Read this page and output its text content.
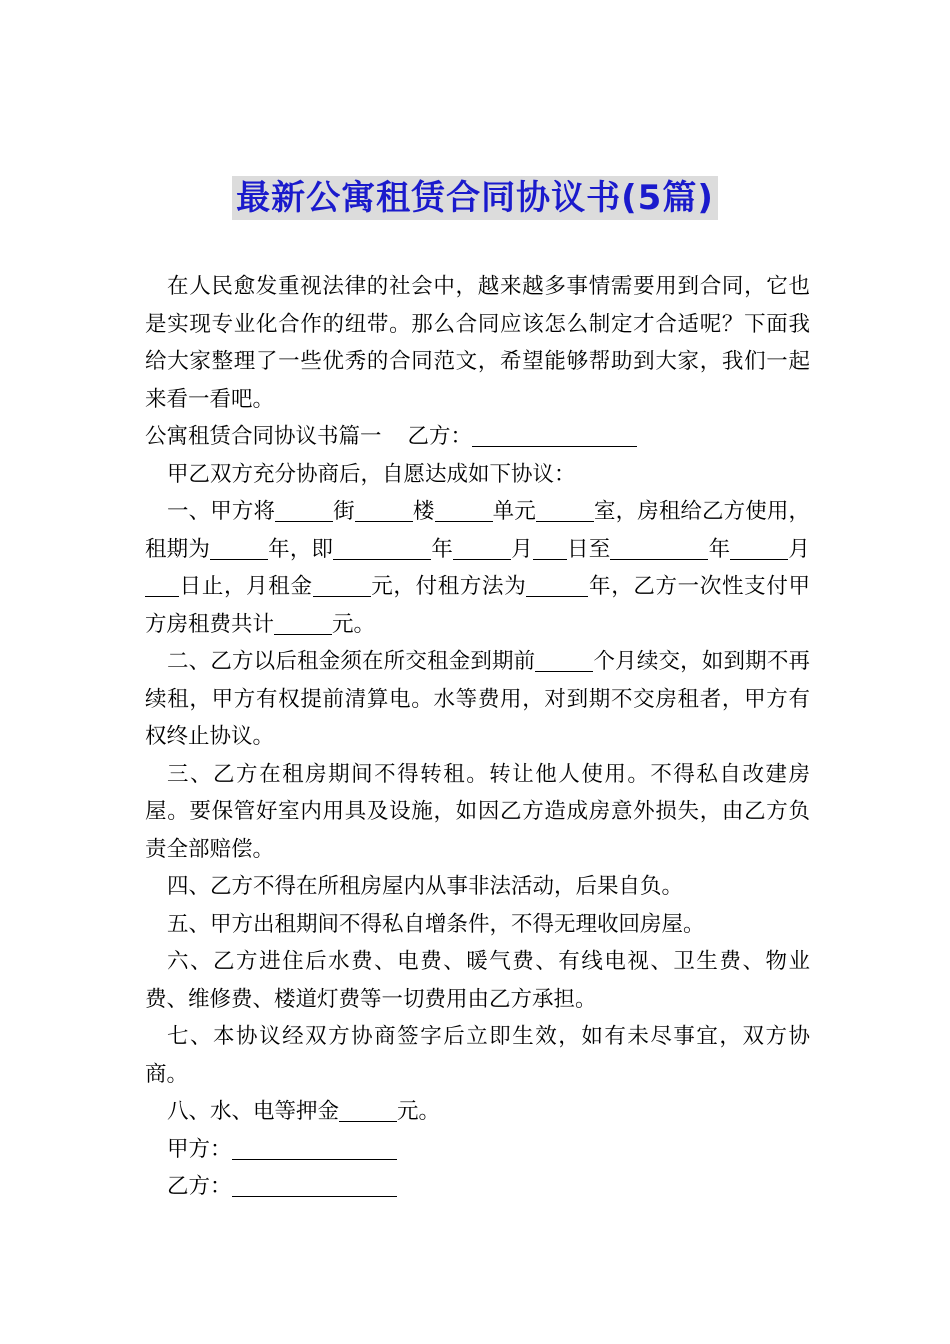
最新公寓租赁合同协议书(5篇)

在人民愈发重视法律的社会中，越来越多事情需要用到合同，它也是实现专业化合作的纽带。那么合同应该怎么制定才合适呢？下面我给大家整理了一些优秀的合同范文，希望能够帮助到大家，我们一起来看一看吧。

公寓租赁合同协议书篇一 乙方：

甲乙双方充分协商后，自愿达成如下协议：

一、甲方将	街	楼	单元	室，房租给乙方使用，租期为	年，即	年	月 日至	年	月日止，月租金	元，付租方法为	年，乙方一次性支付甲方房租费共计	元。

二、乙方以后租金须在所交租金到期前	个月续交，如到期不再续租，甲方有权提前清算电。水等费用，对到期不交房租者，甲方有权终止协议。

三、乙方在租房期间不得转租。转让他人使用。不得私自改建房屋。要保管好室内用具及设施，如因乙方造成房意外损失，由乙方负责全部赔偿。

四、乙方不得在所租房屋内从事非法活动，后果自负。

五、甲方出租期间不得私自增条件，不得无理收回房屋。

六、乙方进住后水费、电费、暖气费、有线电视、卫生费、物业费、维修费、楼道灯费等一切费用由乙方承担。

七、本协议经双方协商签字后立即生效，如有未尽事宜，双方协商。

八、水、电等押金	元。

甲方：

乙方：
